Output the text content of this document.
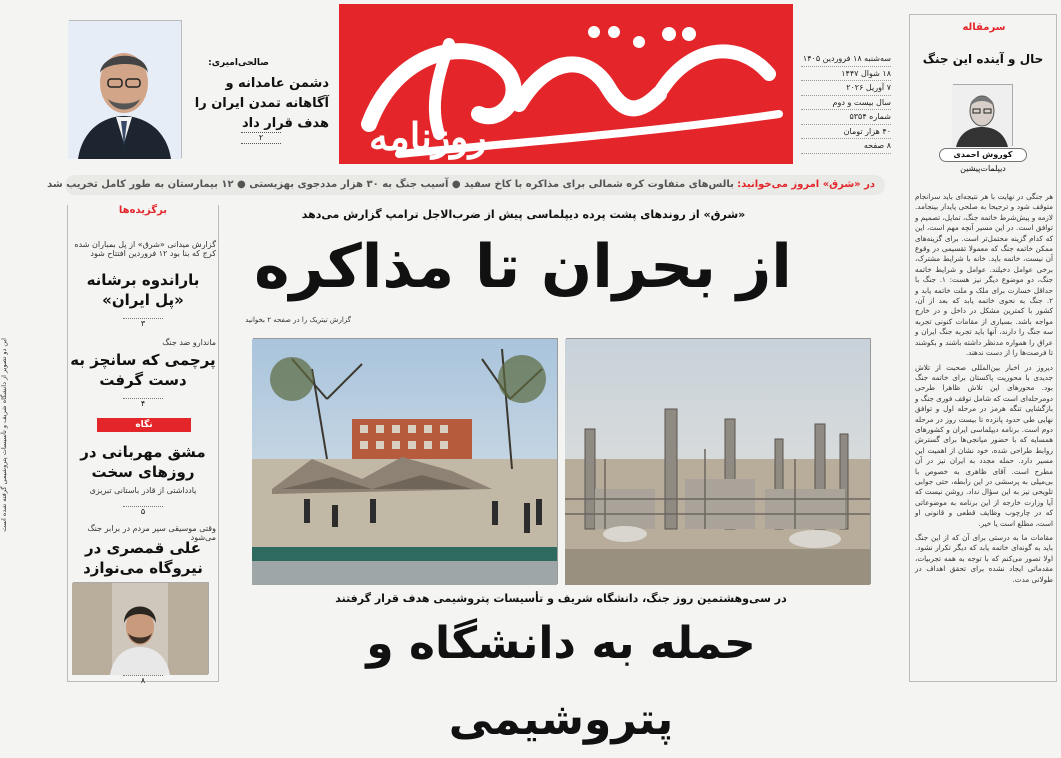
روزنامه
سه‌شنبه ۱۸ فروردین ۱۴۰۵
۱۸ شوال ۱۴۴۷
۷ آوریل ۲۰۲۶
سال بیست و دوم
شماره ۵۳۵۴
۴۰ هزار تومان
۸ صفحه
صالحی‌امیری:
دشمن عامدانه و آگاهانه تمدن ایران را هدف قرار داد
۲
در «شرق» امروز می‌خوانید: بالس‌های متفاوت کره شمالی برای مذاکره با کاخ سفید ● آسیب جنگ به ۳۰ هزار مددجوی بهزیستی ● ۱۲ بیمارستان به طور کامل تخریب شد
برگزیده‌ها
گزارش میدانی «شرق» از پل بمباران شده کرج که بنا بود ۱۲ فروردین افتتاح شود
باراندوه برشانه «پل ایران»
۳
ماندارو ضد جنگ
پرچمی که سانچز به دست گرفت
۴
نگاه
مشق مهربانی در روزهای سخت
یادداشتی از قادر باستانی تبریزی
۵
وقتی موسیقی سپر مردم در برابر جنگ می‌شود
علی قمصری در نیروگاه می‌نوازد
۸
سرمقاله
حال و آینده این جنگ
کوروش احمدی
دیپلمات‌پیشین

هر جنگی در نهایت با هر نتیجه‌ای باید سرانجام متوقف شود و ترجیحا به صلحی پایدار بینجامد. لازمه و پیش‌شرط خاتمه جنگ، تمایل، تصمیم و توافق است. در این مسیر آنچه مهم است، این که کدام گزینه محتمل‌تر است. برای گزینه‌های ممکن خاتمه جنگ که معمولا تقسیمی در وقوع آن نیست، خاتمه باید. خانه با شرایط مشترک، برخی عوامل دخیلند. عوامل و شرایط خاتمه جنگ، دو موضوع دیگر نیز هست: ۱. جنگ با حداقل خسارت برای ملک و ملت خاتمه یابد و ۲. جنگ به نحوی خاتمه یابد که بعد از آن، کشور با کمترین مشکل در داخل و در خارج مواجه باشد. بسیاری از مقامات کنونی تجربه سه جنگ را دارند، آنها باید تجربه جنگ ایران و عراق را همواره مدنظر داشته باشند و بکوشند تا فرصت‌ها را از دست ندهند.

دیروز در اخبار بین‌المللی صحبت از تلاش جدیدی با محوریت پاکستان برای خاتمه جنگ بود. محورهای این تلاش ظاهرا طرحی دومرحله‌ای است که شامل توقف فوری جنگ و بازگشایی تنگه هرمز در مرحله اول و توافق نهایی طی حدود پانزده تا بیست روز در مرحله دوم است. برنامه دیپلماسی ایران و کشورهای همسایه که با حضور میانجی‌ها برای گسترش روابط طراحی شده، خود نشان از اهمیت این مسیر دارد. حمله مجدد به ایران نیز در آن مطرح است. آقای ظاهری به خصوص با بی‌میلی به پرسشی در این رابطه، حتی جوابی تلویحی نیز به این سؤال نداد. روشن نیست که آیا وزارت خارجه از این برنامه به موضوعاتی که در چارچوب وظایف قطعی و قانونی او است، مطلع است یا خیر.

مقامات ما به درستی برای آن که از این جنگ باید به گونه‌ای خاتمه یابد که دیگر تکرار نشود. اولا تصور می‌کنم که با توجه به همه تجربیات، مقدماتی ایجاد نشده برای تحقق اهداف در طولانی مدت.

«شرق» از روندهای پشت پرده دیپلماسی پیش از ضرب‌الاجل ترامپ گزارش می‌دهد
از بحران تا مذاکره
گزارش تیتریک را در صفحه ۲ بخوانید
این دو تصویر از دانشگاه شریف و تأسیسات پتروشیمی گرفته شده است
در سی‌وهشتمین روز جنگ، دانشگاه شریف و تأسیسات پتروشیمی هدف قرار گرفتند
حمله به دانشگاه و پتروشیمی
